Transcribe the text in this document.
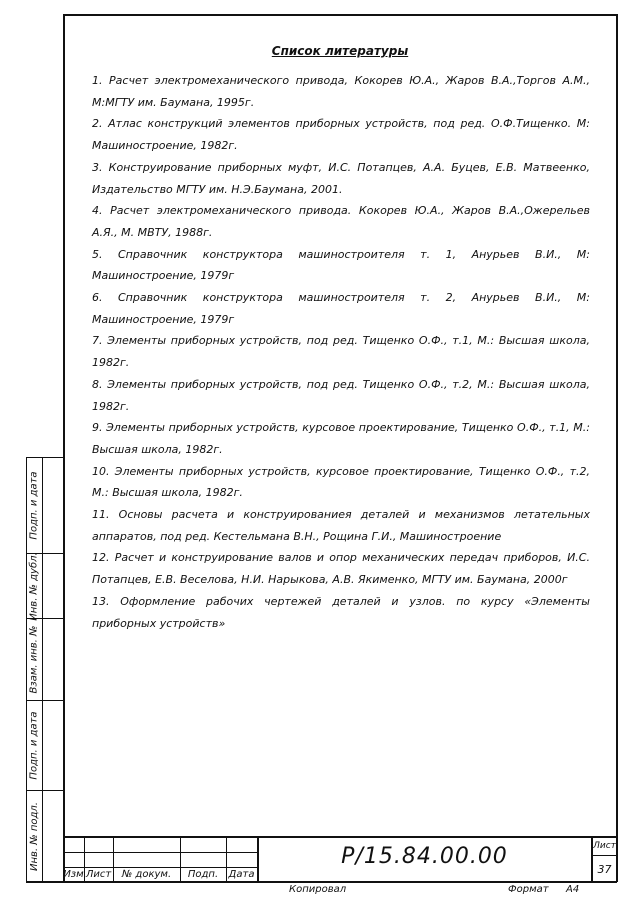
Подп. и дата
Инв. № дубл.
Взам. инв. №
Подп. и дата
Инв. № подл.
Список литературы
1. Расчет электромеханического привода, Кокорев Ю.А., Жаров В.А.,Торгов А.М., М:МГТУ им. Баумана, 1995г.
2. Атлас конструкций элементов приборных устройств, под ред. О.Ф.Тищенко. М: Машиностроение, 1982г.
3. Конструирование приборных муфт, И.С. Потапцев, А.А. Буцев, Е.В. Матвеенко, Издательство МГТУ им. Н.Э.Баумана, 2001.
4. Расчет электромеханического привода. Кокорев Ю.А., Жаров В.А.,Ожерельев А.Я., М. МВТУ, 1988г.
5. Справочник конструктора машиностроителя т. 1, Анурьев В.И., М: Машиностроение, 1979г
6. Справочник конструктора машиностроителя т. 2, Анурьев В.И., М: Машиностроение, 1979г
7. Элементы приборных устройств, под ред. Тищенко О.Ф., т.1, М.: Высшая школа, 1982г.
8. Элементы приборных устройств, под ред. Тищенко О.Ф., т.2, М.: Высшая школа, 1982г.
9. Элементы приборных устройств, курсовое проектирование, Тищенко О.Ф., т.1, М.: Высшая школа, 1982г.
10. Элементы приборных устройств, курсовое проектирование, Тищенко О.Ф., т.2, М.: Высшая школа, 1982г.
11. Основы расчета и конструированиея деталей и механизмов летательных аппаратов, под ред. Кестельмана В.Н., Рощина Г.И., Машиностроение
12. Расчет и конструирование валов и опор механических передач приборов, И.С. Потапцев, Е.В. Веселова, Н.И. Нарыкова, А.В. Якименко, МГТУ им. Баумана, 2000г
13. Оформление рабочих чертежей деталей и узлов. по курсу «Элементы приборных устройств»
Изм Лист	№ докум.	Подп.	Дата
Р/15.84.00.00	Лист
37
Копировал	Формат А4
